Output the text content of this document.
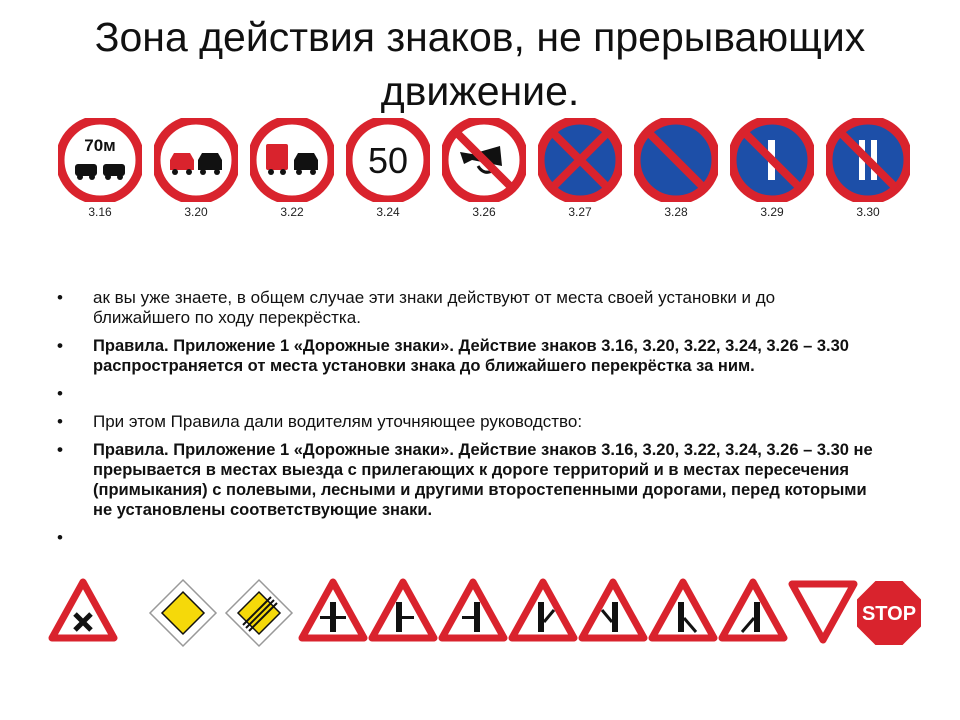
Зона действия знаков, не прерывающих движение.
70м
3.16	3.20	3.22
50
3.24	3.26	3.27	3.28	3.29	3.30
• ак вы уже знаете, в общем случае эти знаки действуют от места своей установки и до ближайшего по ходу перекрёстка.
• Правила. Приложение 1 «Дорожные знаки». Действие знаков 3.16, 3.20, 3.22, 3.24, 3.26 – 3.30 распространяется от места установки знака до ближайшего перекрёстка за ним.
•
• При этом Правила дали водителям уточняющее руководство:
• Правила. Приложение 1 «Дорожные знаки». Действие знаков 3.16, 3.20, 3.22, 3.24, 3.26 – 3.30 не прерывается в местах выезда с прилегающих к дороге территорий и в местах пересечения (примыкания) с полевыми, лесными и другими второстепенными дорогами, перед которыми не установлены соответствующие знаки.
•
STOP
